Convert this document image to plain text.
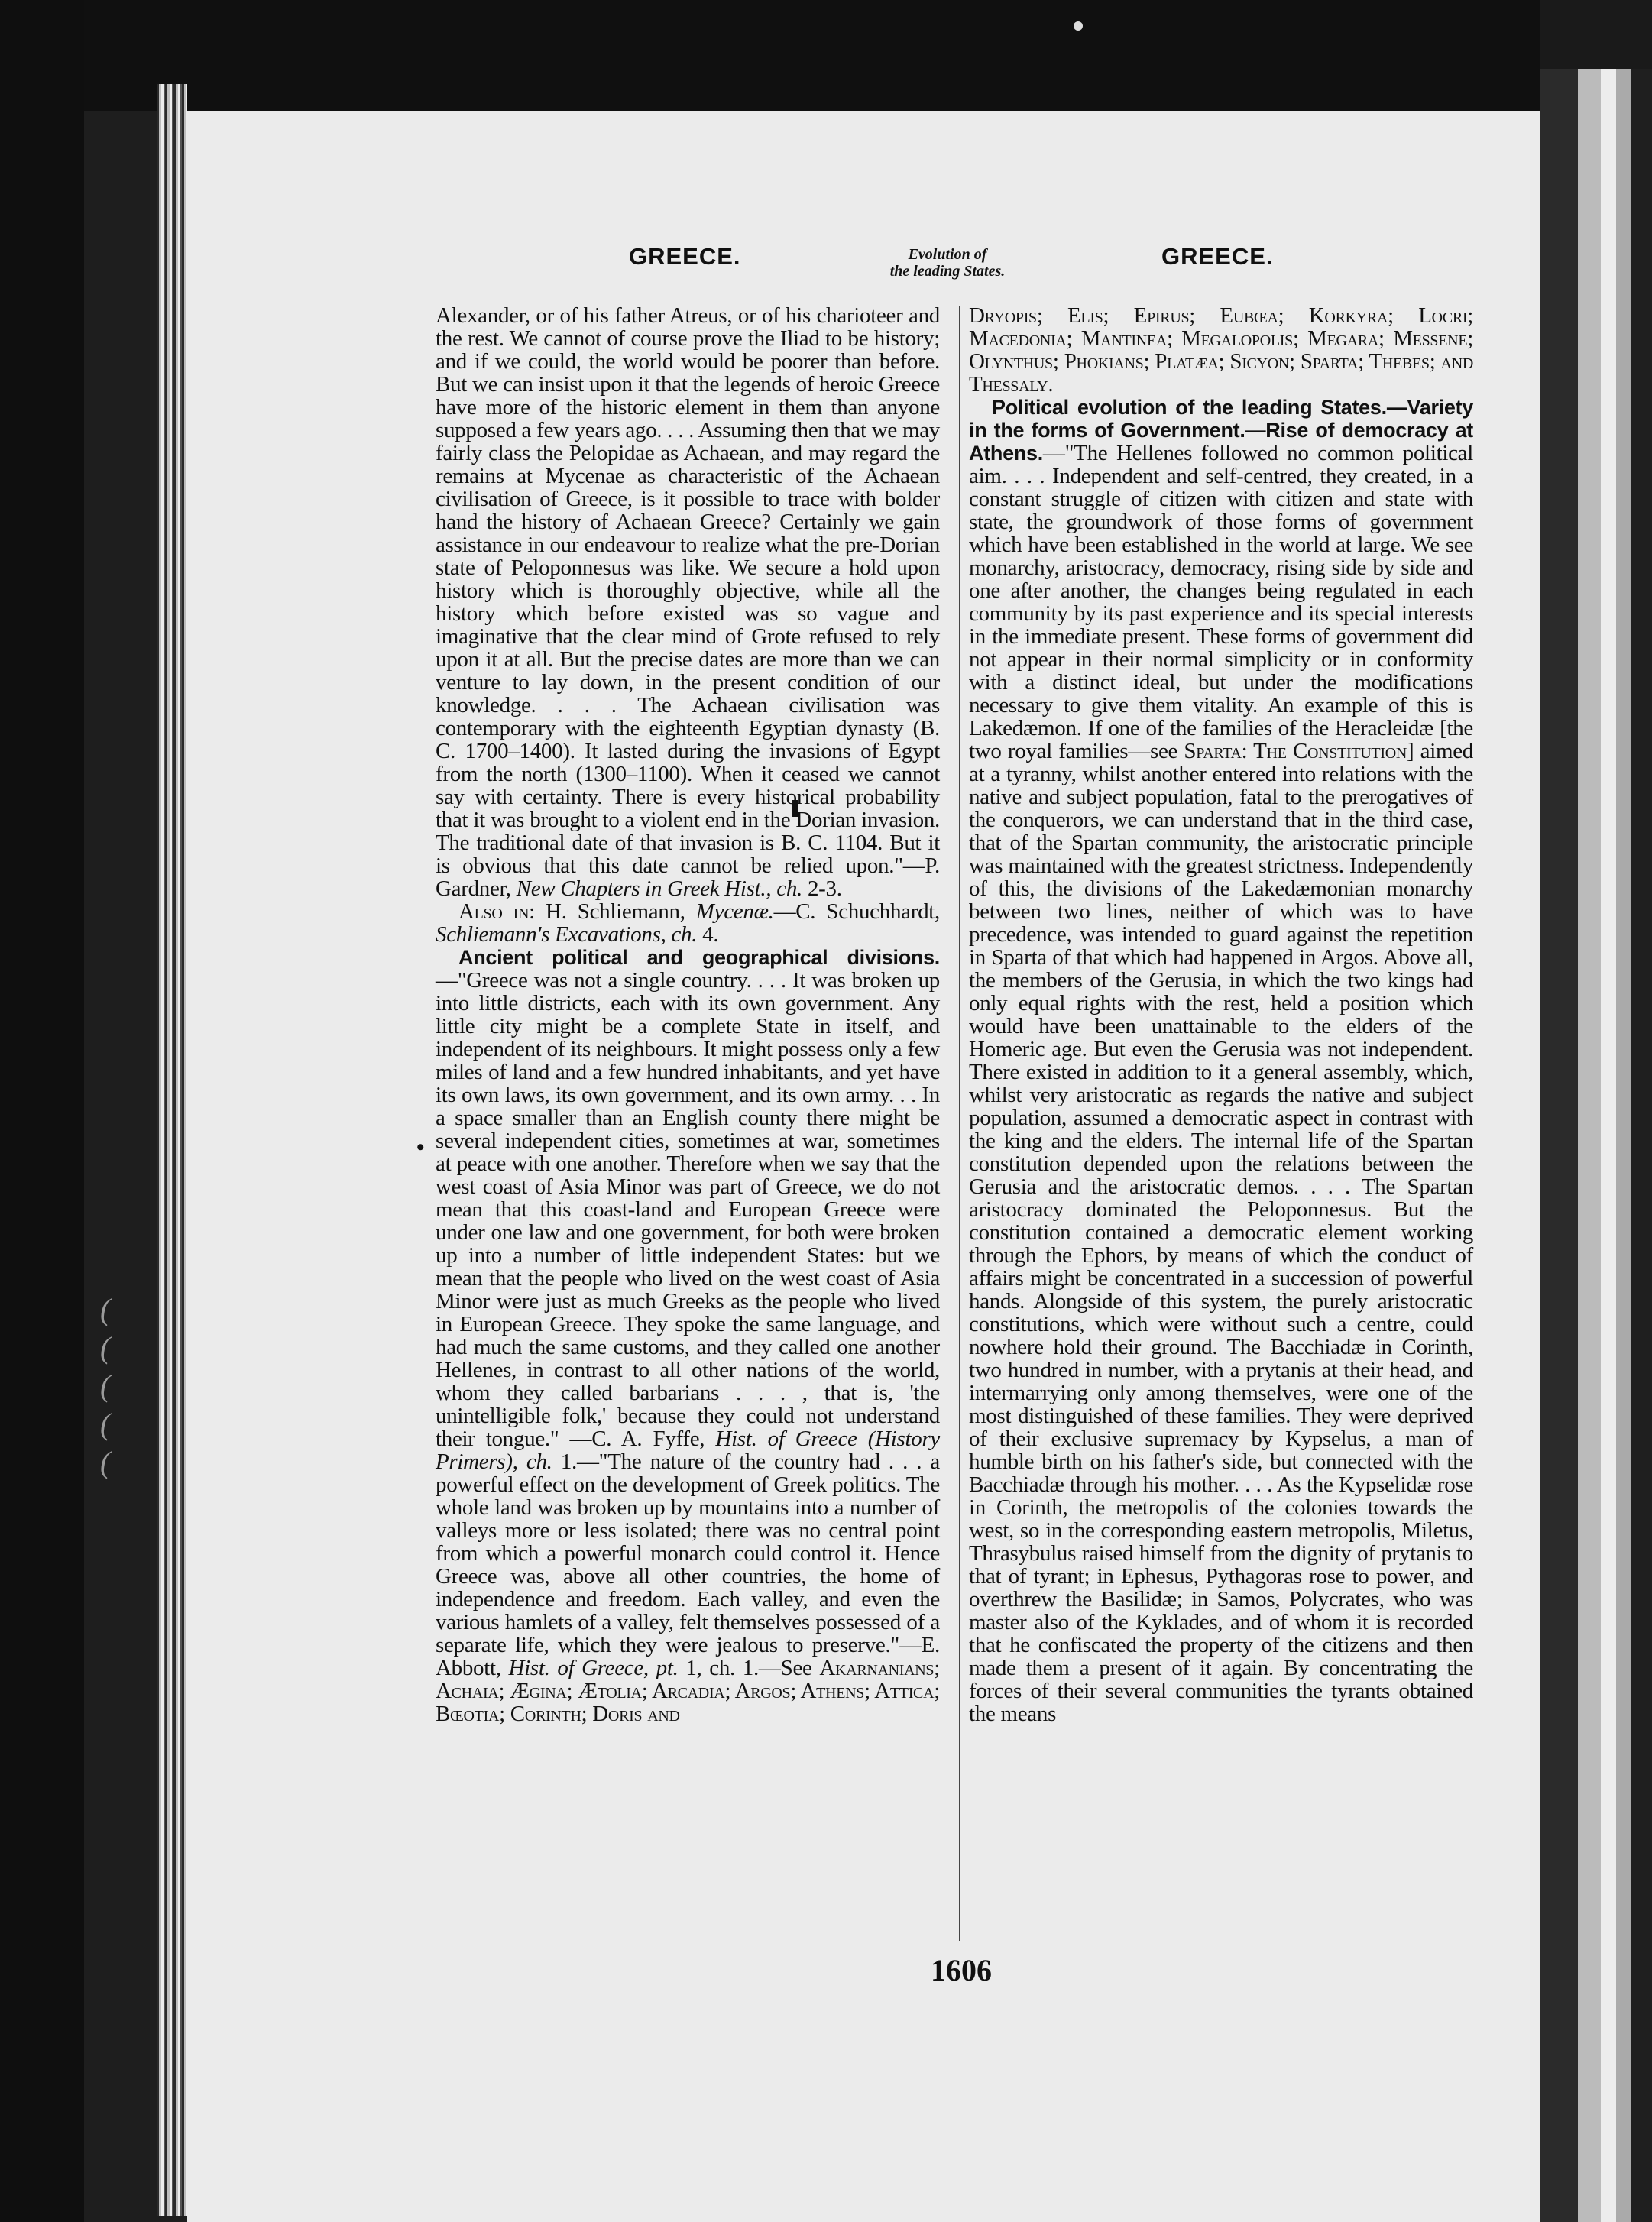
(
(
(
(
(
GREECE.	Evolution of
the leading States.
GREECE.
•

Alexander, or of his father Atreus, or of his charioteer and the rest. We cannot of course prove the Iliad to be history; and if we could, the world would be poorer than before. But we can insist upon it that the legends of heroic Greece have more of the historic element in them than anyone supposed a few years ago. . . . Assuming then that we may fairly class the Pelopidae as Achaean, and may regard the remains at Mycenae as characteristic of the Achaean civilisation of Greece, is it possible to trace with bolder hand the history of Achaean Greece? Certainly we gain assistance in our endeavour to realize what the pre-Dorian state of Peloponnesus was like. We secure a hold upon history which is thoroughly objective, while all the history which before existed was so vague and imaginative that the clear mind of Grote refused to rely upon it at all. But the precise dates are more than we can venture to lay down, in the present condition of our knowledge. . . . The Achaean civilisation was contemporary with the eighteenth Egyptian dynasty (B. C. 1700–1400). It lasted during the invasions of Egypt from the north (1300–1100). When it ceased we cannot say with certainty. There is every historical probability that it was brought to a violent end in the Dorian invasion. The traditional date of that invasion is B. C. 1104. But it is obvious that this date cannot be relied upon."—P. Gardner, New Chapters in Greek Hist., ch. 2-3.

Also in: H. Schliemann, Mycenæ.—C. Schuchhardt, Schliemann's Excavations, ch. 4.

Ancient political and geographical divisions.—"Greece was not a single country. . . . It was broken up into little districts, each with its own government. Any little city might be a complete State in itself, and independent of its neighbours. It might possess only a few miles of land and a few hundred inhabitants, and yet have its own laws, its own government, and its own army. . . In a space smaller than an English county there might be several independent cities, sometimes at war, sometimes at peace with one another. Therefore when we say that the west coast of Asia Minor was part of Greece, we do not mean that this coast-land and European Greece were under one law and one government, for both were broken up into a number of little independent States: but we mean that the people who lived on the west coast of Asia Minor were just as much Greeks as the people who lived in European Greece. They spoke the same language, and had much the same customs, and they called one another Hellenes, in contrast to all other nations of the world, whom they called barbarians . . . , that is, 'the unintelligible folk,' because they could not understand their tongue." —C. A. Fyffe, Hist. of Greece (History Primers), ch. 1.—"The nature of the country had . . . a powerful effect on the development of Greek politics. The whole land was broken up by mountains into a number of valleys more or less isolated; there was no central point from which a powerful monarch could control it. Hence Greece was, above all other countries, the home of independence and freedom. Each valley, and even the various hamlets of a valley, felt themselves possessed of a separate life, which they were jealous to preserve."—E. Abbott, Hist. of Greece, pt. 1, ch. 1.—See Akarnanians; Achaia; Ægina; Ætolia; Arcadia; Argos; Athens; Attica; Bœotia; Corinth; Doris and

Dryopis; Elis; Epirus; Eubœa; Korkyra; Locri; Macedonia; Mantinea; Megalopolis; Megara; Messene; Olynthus; Phokians; Platæa; Sicyon; Sparta; Thebes; and Thessaly.

Political evolution of the leading States.—Variety in the forms of Government.—Rise of democracy at Athens.—"The Hellenes followed no common political aim. . . . Independent and self-centred, they created, in a constant struggle of citizen with citizen and state with state, the groundwork of those forms of government which have been established in the world at large. We see monarchy, aristocracy, democracy, rising side by side and one after another, the changes being regulated in each community by its past experience and its special interests in the immediate present. These forms of government did not appear in their normal simplicity or in conformity with a distinct ideal, but under the modifications necessary to give them vitality. An example of this is Lakedæmon. If one of the families of the Heracleidæ [the two royal families—see Sparta: The Constitution] aimed at a tyranny, whilst another entered into relations with the native and subject population, fatal to the prerogatives of the conquerors, we can understand that in the third case, that of the Spartan community, the aristocratic principle was maintained with the greatest strictness. Independently of this, the divisions of the Lakedæmonian monarchy between two lines, neither of which was to have precedence, was intended to guard against the repetition in Sparta of that which had happened in Argos. Above all, the members of the Gerusia, in which the two kings had only equal rights with the rest, held a position which would have been unattainable to the elders of the Homeric age. But even the Gerusia was not independent. There existed in addition to it a general assembly, which, whilst very aristocratic as regards the native and subject population, assumed a democratic aspect in contrast with the king and the elders. The internal life of the Spartan constitution depended upon the relations between the Gerusia and the aristocratic demos. . . . The Spartan aristocracy dominated the Peloponnesus. But the constitution contained a democratic element working through the Ephors, by means of which the conduct of affairs might be concentrated in a succession of powerful hands. Alongside of this system, the purely aristocratic constitutions, which were without such a centre, could nowhere hold their ground. The Bacchiadæ in Corinth, two hundred in number, with a prytanis at their head, and intermarrying only among themselves, were one of the most distinguished of these families. They were deprived of their exclusive supremacy by Kypselus, a man of humble birth on his father's side, but connected with the Bacchiadæ through his mother. . . . As the Kypselidæ rose in Corinth, the metropolis of the colonies towards the west, so in the corresponding eastern metropolis, Miletus, Thrasybulus raised himself from the dignity of prytanis to that of tyrant; in Ephesus, Pythagoras rose to power, and overthrew the Basilidæ; in Samos, Polycrates, who was master also of the Kyklades, and of whom it is recorded that he confiscated the property of the citizens and then made them a present of it again. By concentrating the forces of their several communities the tyrants obtained the means

1606
